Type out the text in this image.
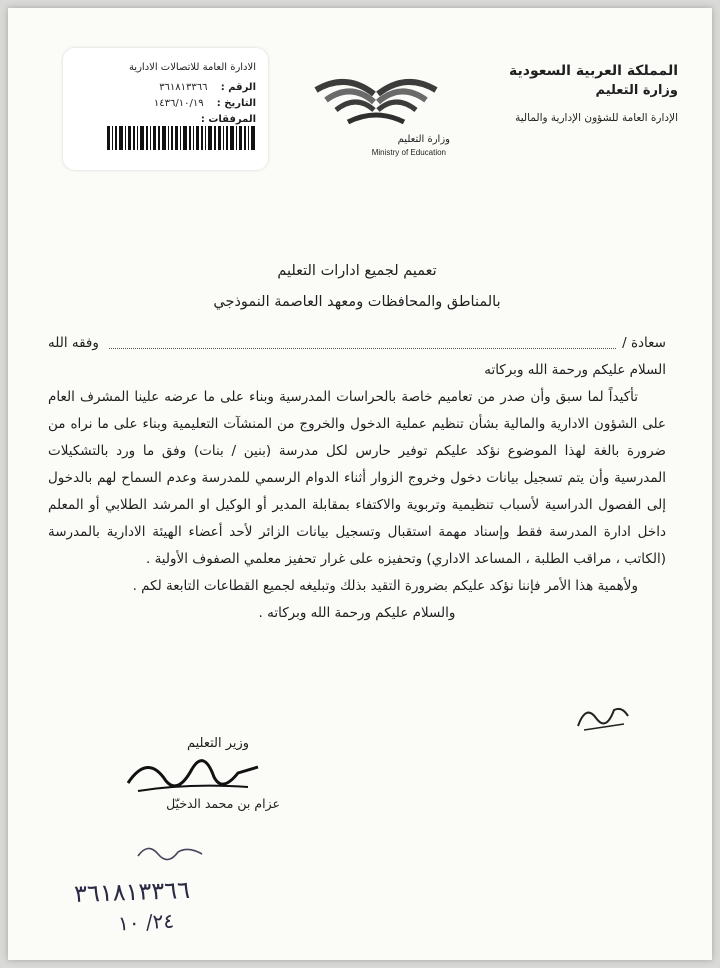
المملكة العربية السعودية
وزارة التعليم
الإدارة العامة للشؤون الإدارية والمالية
وزارة التعليم
Ministry of Education
الادارة العامة للاتصالات الادارية
الرقم : ٣٦١٨١٣٣٦٦
التاريخ : ١٤٣٦/١٠/١٩
المرفقات :
تعميم لجميع ادارات التعليم
بالمناطق والمحافظات ومعهد العاصمة النموذجي
سعادة /
وفقه الله
السلام عليكم ورحمة الله وبركاته
تأكيداً لما سبق وأن صدر من تعاميم خاصة بالحراسات المدرسية وبناء على ما عرضه علينا المشرف العام على الشؤون الادارية والمالية بشأن تنظيم عملية الدخول والخروج من المنشآت التعليمية وبناء على ما نراه من ضرورة بالغة لهذا الموضوع نؤكد عليكم توفير حارس لكل مدرسة (بنين / بنات) وفق ما ورد بالتشكيلات المدرسية وأن يتم تسجيل بيانات دخول وخروج الزوار أثناء الدوام الرسمي للمدرسة وعدم السماح لهم بالدخول إلى الفصول الدراسية لأسباب تنظيمية وتربوية والاكتفاء بمقابلة المدير أو الوكيل او المرشد الطلابي أو المعلم داخل ادارة المدرسة فقط وإسناد مهمة استقبال وتسجيل بيانات الزائر لأحد أعضاء الهيئة الادارية بالمدرسة (الكاتب ، مراقب الطلبة ، المساعد الاداري) وتحفيزه على غرار تحفيز معلمي الصفوف الأولية .
ولأهمية هذا الأمر فإننا نؤكد عليكم بضرورة التقيد بذلك وتبليغه لجميع القطاعات التابعة لكم .
والسلام عليكم ورحمة الله وبركاته .
وزير التعليم
عزام بن محمد الدخيّل
٣٦١٨١٣٣٦٦
٢٤/ ١٠
